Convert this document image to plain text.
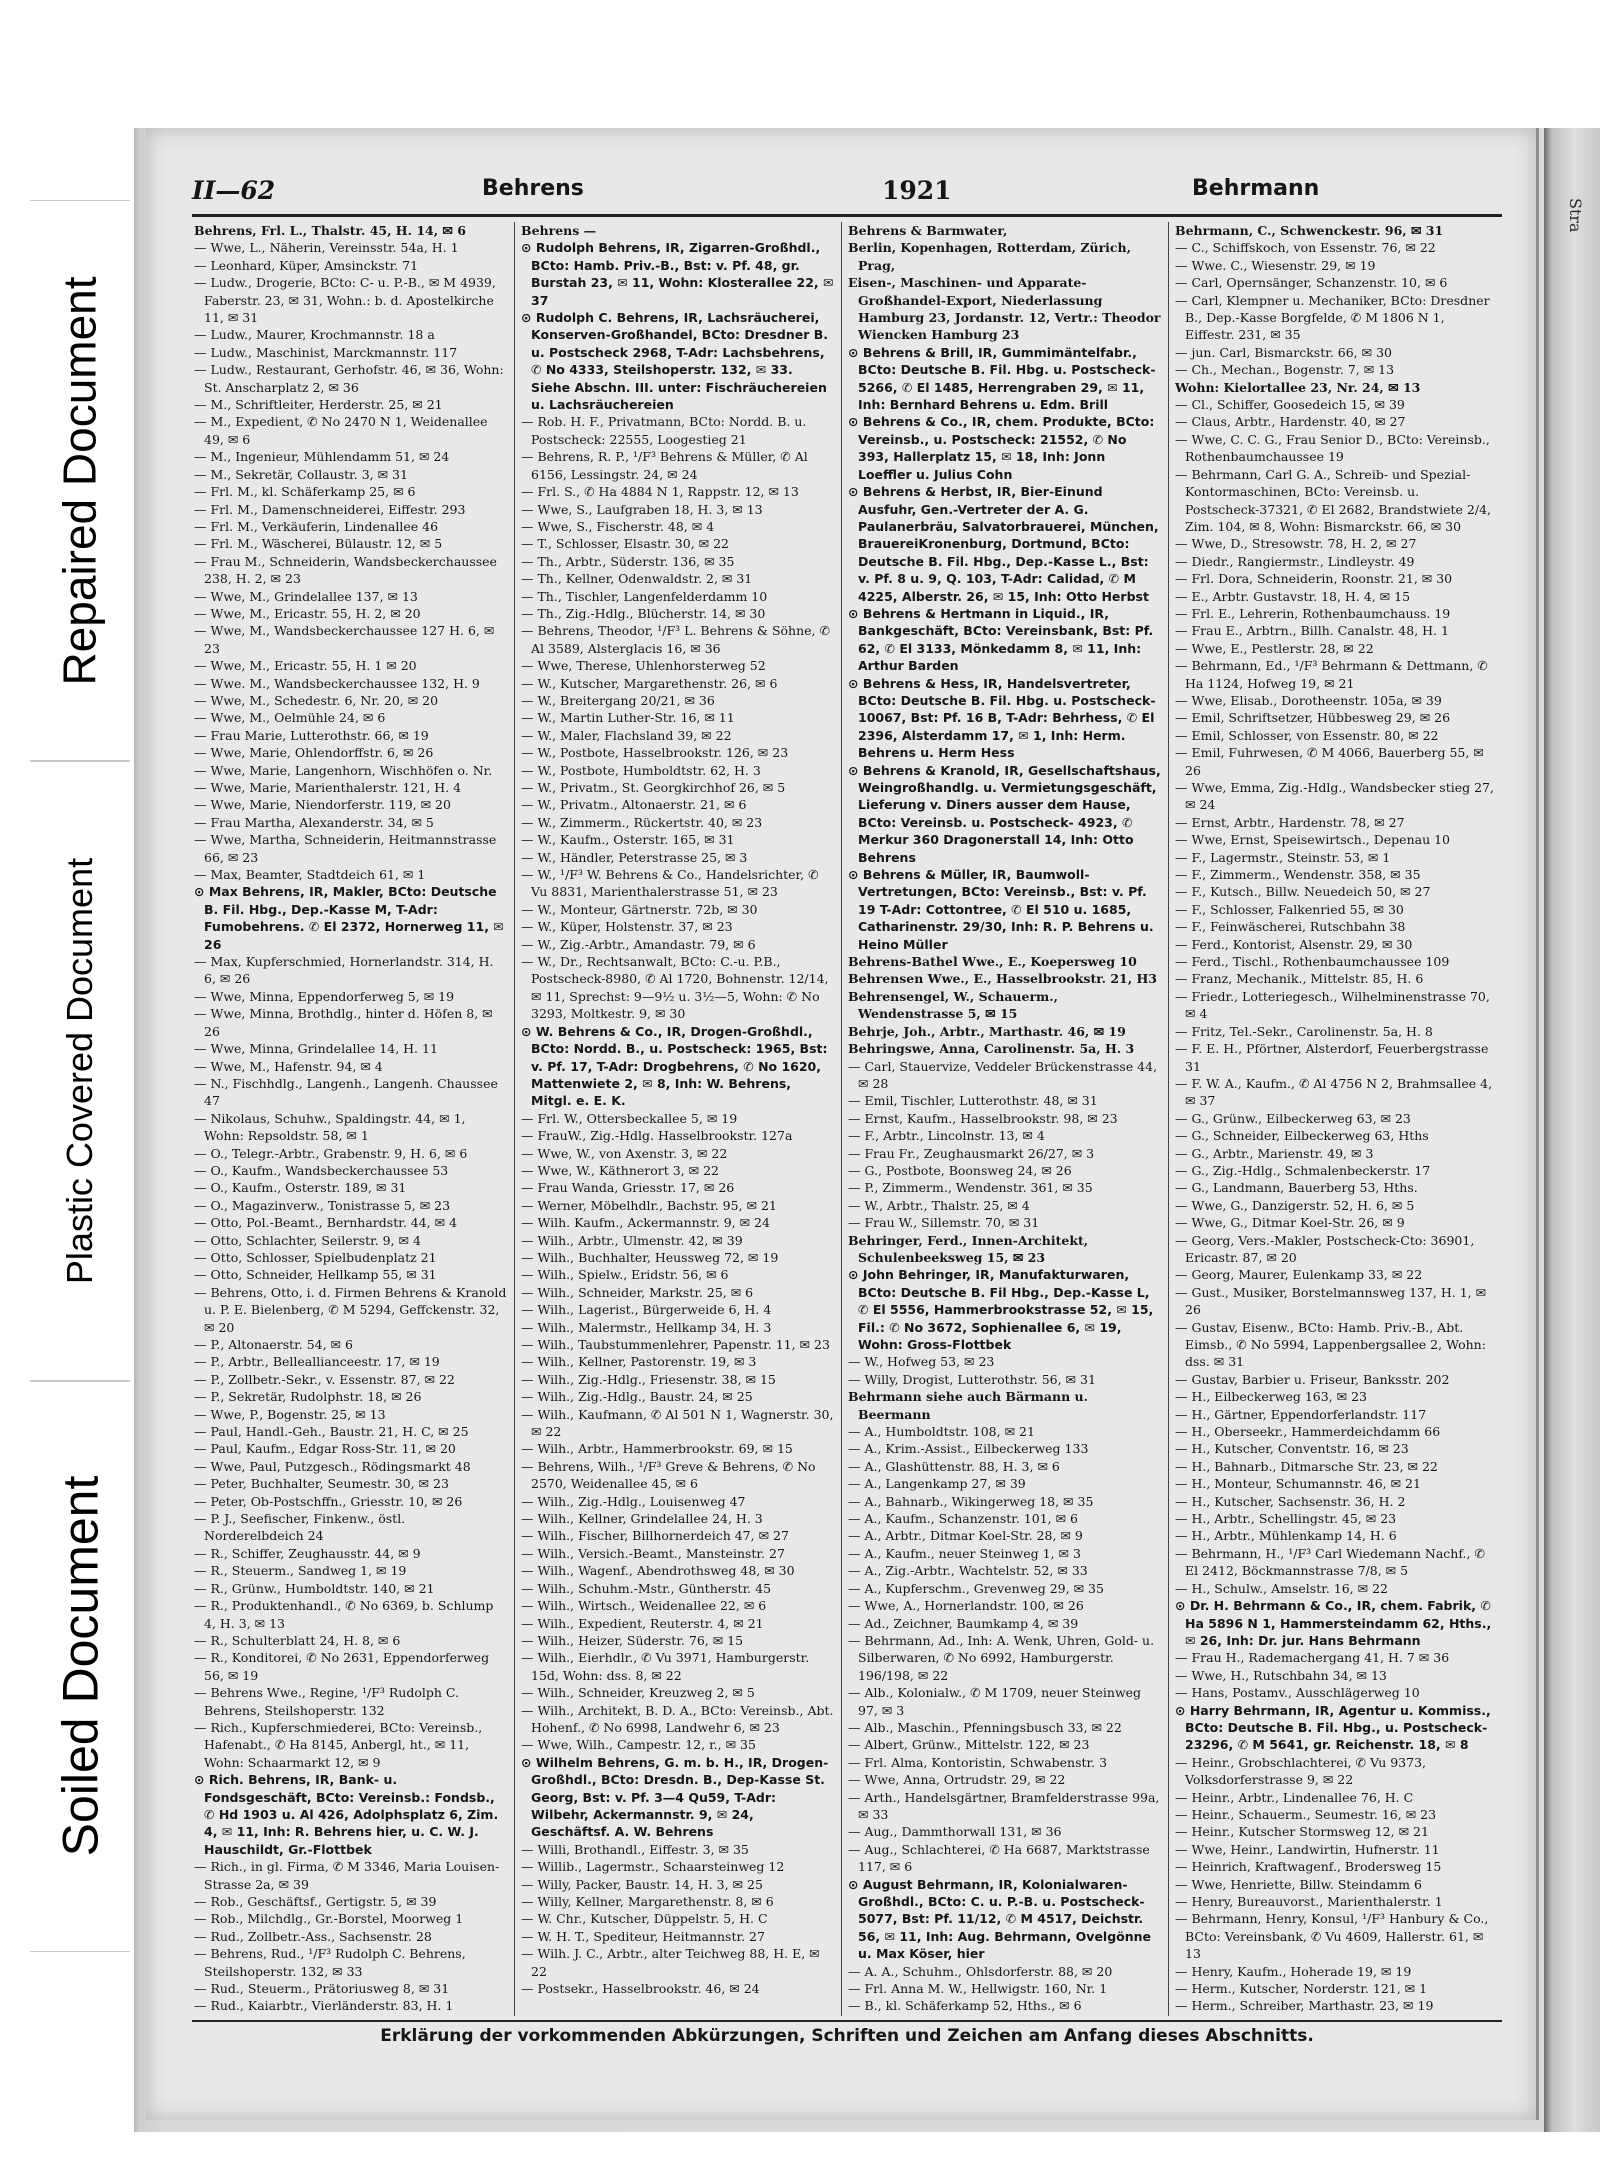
Repaired Document
Plastic Covered Document
Soiled Document
II—62	Behrens	1921	Behrmann

Behrens, Frl. L., Thalstr. 45, H. 14, ✉ 6

— Wwe, L., Näherin, Vereinsstr. 54a, H. 1

— Leonhard, Küper, Amsinckstr. 71

— Ludw., Drogerie, BCto: C- u. P.-B., ✉ M 4939, Faberstr. 23, ✉ 31, Wohn.: b. d. Apostelkirche 11, ✉ 31

— Ludw., Maurer, Krochmannstr. 18 a

— Ludw., Maschinist, Marckmannstr. 117

— Ludw., Restaurant, Gerhofstr. 46, ✉ 36, Wohn: St. Anscharplatz 2, ✉ 36

— M., Schriftleiter, Herderstr. 25, ✉ 21

— M., Expedient, ✆ No 2470 N 1, Weidenallee 49, ✉ 6

— M., Ingenieur, Mühlendamm 51, ✉ 24

— M., Sekretär, Collaustr. 3, ✉ 31

— Frl. M., kl. Schäferkamp 25, ✉ 6

— Frl. M., Damenschneiderei, Eiffestr. 293

— Frl. M., Verkäuferin, Lindenallee 46

— Frl. M., Wäscherei, Bülaustr. 12, ✉ 5

— Frau M., Schneiderin, Wandsbeckerchaussee 238, H. 2, ✉ 23

— Wwe, M., Grindelallee 137, ✉ 13

— Wwe, M., Ericastr. 55, H. 2, ✉ 20

— Wwe, M., Wandsbeckerchaussee 127 H. 6, ✉ 23

— Wwe, M., Ericastr. 55, H. 1 ✉ 20

— Wwe. M., Wandsbeckerchaussee 132, H. 9

— Wwe, M., Schedestr. 6, Nr. 20, ✉ 20

— Wwe, M., Oelmühle 24, ✉ 6

— Frau Marie, Lutterothstr. 66, ✉ 19

— Wwe, Marie, Ohlendorffstr. 6, ✉ 26

— Wwe, Marie, Langenhorn, Wischhöfen o. Nr.

— Wwe, Marie, Marienthalerstr. 121, H. 4

— Wwe, Marie, Niendorferstr. 119, ✉ 20

— Frau Martha, Alexanderstr. 34, ✉ 5

— Wwe, Martha, Schneiderin, Heitmannstrasse 66, ✉ 23

— Max, Beamter, Stadtdeich 61, ✉ 1

⊙ Max Behrens, IR, Makler, BCto: Deutsche B. Fil. Hbg., Dep.-Kasse M, T-Adr: Fumobehrens. ✆ El 2372, Hornerweg 11, ✉ 26

— Max, Kupferschmied, Hornerlandstr. 314, H. 6, ✉ 26

— Wwe, Minna, Eppendorferweg 5, ✉ 19

— Wwe, Minna, Brothdlg., hinter d. Höfen 8, ✉ 26

— Wwe, Minna, Grindelallee 14, H. 11

— Wwe, M., Hafenstr. 94, ✉ 4

— N., Fischhdlg., Langenh., Langenh. Chaussee 47

— Nikolaus, Schuhw., Spaldingstr. 44, ✉ 1, Wohn: Repsoldstr. 58, ✉ 1

— O., Telegr.-Arbtr., Grabenstr. 9, H. 6, ✉ 6

— O., Kaufm., Wandsbeckerchaussee 53

— O., Kaufm., Osterstr. 189, ✉ 31

— O., Magazinverw., Tonistrasse 5, ✉ 23

— Otto, Pol.-Beamt., Bernhardstr. 44, ✉ 4

— Otto, Schlachter, Seilerstr. 9, ✉ 4

— Otto, Schlosser, Spielbudenplatz 21

— Otto, Schneider, Hellkamp 55, ✉ 31

— Behrens, Otto, i. d. Firmen Behrens & Kranold u. P. E. Bielenberg, ✆ M 5294, Geffckenstr. 32, ✉ 20

— P., Altonaerstr. 54, ✉ 6

— P., Arbtr., Belleallianceestr. 17, ✉ 19

— P., Zollbetr.-Sekr., v. Essenstr. 87, ✉ 22

— P., Sekretär, Rudolphstr. 18, ✉ 26

— Wwe, P., Bogenstr. 25, ✉ 13

— Paul, Handl.-Geh., Baustr. 21, H. C, ✉ 25

— Paul, Kaufm., Edgar Ross-Str. 11, ✉ 20

— Wwe, Paul, Putzgesch., Rödingsmarkt 48

— Peter, Buchhalter, Seumestr. 30, ✉ 23

— Peter, Ob-Postschffn., Griesstr. 10, ✉ 26

— P. J., Seefischer, Finkenw., östl. Norderelbdeich 24

— R., Schiffer, Zeughausstr. 44, ✉ 9

— R., Steuerm., Sandweg 1, ✉ 19

— R., Grünw., Humboldtstr. 140, ✉ 21

— R., Produktenhandl., ✆ No 6369, b. Schlump 4, H. 3, ✉ 13

— R., Schulterblatt 24, H. 8, ✉ 6

— R., Konditorei, ✆ No 2631, Eppendorferweg 56, ✉ 19

— Behrens Wwe., Regine, ¹/F³ Rudolph C. Behrens, Steilshoperstr. 132

— Rich., Kupferschmiederei, BCto: Vereinsb., Hafenabt., ✆ Ha 8145, Anbergl, ht., ✉ 11, Wohn: Schaarmarkt 12, ✉ 9

⊙ Rich. Behrens, IR, Bank- u. Fondsgeschäft, BCto: Vereinsb.: Fondsb., ✆ Hd 1903 u. Al 426, Adolphsplatz 6, Zim. 4, ✉ 11, Inh: R. Behrens hier, u. C. W. J. Hauschildt, Gr.-Flottbek

— Rich., in gl. Firma, ✆ M 3346, Maria Louisen-Strasse 2a, ✉ 39

— Rob., Geschäftsf., Gertigstr. 5, ✉ 39

— Rob., Milchdlg., Gr.-Borstel, Moorweg 1

— Rud., Zollbetr.-Ass., Sachsenstr. 28

— Behrens, Rud., ¹/F³ Rudolph C. Behrens, Steilshoperstr. 132, ✉ 33

— Rud., Steuerm., Prätoriusweg 8, ✉ 31

— Rud., Kaiarbtr., Vierländerstr. 83, H. 1

Behrens —

⊙ Rudolph Behrens, IR, Zigarren-Großhdl., BCto: Hamb. Priv.-B., Bst: v. Pf. 48, gr. Burstah 23, ✉ 11, Wohn: Klosterallee 22, ✉ 37

⊙ Rudolph C. Behrens, IR, Lachsräucherei, Konserven-Großhandel, BCto: Dresdner B. u. Postscheck 2968, T-Adr: Lachsbehrens, ✆ No 4333, Steilshoperstr. 132, ✉ 33. Siehe Abschn. III. unter: Fischräuchereien u. Lachsräuchereien

— Rob. H. F., Privatmann, BCto: Nordd. B. u. Postscheck: 22555, Loogestieg 21

— Behrens, R. P., ¹/F³ Behrens & Müller, ✆ Al 6156, Lessingstr. 24, ✉ 24

— Frl. S., ✆ Ha 4884 N 1, Rappstr. 12, ✉ 13

— Wwe, S., Laufgraben 18, H. 3, ✉ 13

— Wwe, S., Fischerstr. 48, ✉ 4

— T., Schlosser, Elsastr. 30, ✉ 22

— Th., Arbtr., Süderstr. 136, ✉ 35

— Th., Kellner, Odenwaldstr. 2, ✉ 31

— Th., Tischler, Langenfelderdamm 10

— Th., Zig.-Hdlg., Blücherstr. 14, ✉ 30

— Behrens, Theodor, ¹/F³ L. Behrens & Söhne, ✆ Al 3589, Alsterglacis 16, ✉ 36

— Wwe, Therese, Uhlenhorsterweg 52

— W., Kutscher, Margarethenstr. 26, ✉ 6

— W., Breitergang 20/21, ✉ 36

— W., Martin Luther-Str. 16, ✉ 11

— W., Maler, Flachsland 39, ✉ 22

— W., Postbote, Hasselbrookstr. 126, ✉ 23

— W., Postbote, Humboldtstr. 62, H. 3

— W., Privatm., St. Georgkirchhof 26, ✉ 5

— W., Privatm., Altonaerstr. 21, ✉ 6

— W., Zimmerm., Rückertstr. 40, ✉ 23

— W., Kaufm., Osterstr. 165, ✉ 31

— W., Händler, Peterstrasse 25, ✉ 3

— W., ¹/F³ W. Behrens & Co., Handelsrichter, ✆ Vu 8831, Marienthalerstrasse 51, ✉ 23

— W., Monteur, Gärtnerstr. 72b, ✉ 30

— W., Küper, Holstenstr. 37, ✉ 23

— W., Zig.-Arbtr., Amandastr. 79, ✉ 6

— W., Dr., Rechtsanwalt, BCto: C.-u. P.B., Postscheck-8980, ✆ Al 1720, Bohnenstr. 12/14, ✉ 11, Sprechst: 9—9½ u. 3½—5, Wohn: ✆ No 3293, Moltkestr. 9, ✉ 30

⊙ W. Behrens & Co., IR, Drogen-Großhdl., BCto: Nordd. B., u. Postscheck: 1965, Bst: v. Pf. 17, T-Adr: Drogbehrens, ✆ No 1620, Mattenwiete 2, ✉ 8, Inh: W. Behrens, Mitgl. e. E. K.

— Frl. W., Ottersbeckallee 5, ✉ 19

— FrauW., Zig.-Hdlg. Hasselbrookstr. 127a

— Wwe, W., von Axenstr. 3, ✉ 22

— Wwe, W., Käthnerort 3, ✉ 22

— Frau Wanda, Griesstr. 17, ✉ 26

— Werner, Möbelhdlr., Bachstr. 95, ✉ 21

— Wilh. Kaufm., Ackermannstr. 9, ✉ 24

— Wilh., Arbtr., Ulmenstr. 42, ✉ 39

— Wilh., Buchhalter, Heussweg 72, ✉ 19

— Wilh., Spielw., Eridstr. 56, ✉ 6

— Wilh., Schneider, Markstr. 25, ✉ 6

— Wilh., Lagerist., Bürgerweide 6, H. 4

— Wilh., Malermstr., Hellkamp 34, H. 3

— Wilh., Taubstummenlehrer, Papenstr. 11, ✉ 23

— Wilh., Kellner, Pastorenstr. 19, ✉ 3

— Wilh., Zig.-Hdlg., Friesenstr. 38, ✉ 15

— Wilh., Zig.-Hdlg., Baustr. 24, ✉ 25

— Wilh., Kaufmann, ✆ Al 501 N 1, Wagnerstr. 30, ✉ 22

— Wilh., Arbtr., Hammerbrookstr. 69, ✉ 15

— Behrens, Wilh., ¹/F³ Greve & Behrens, ✆ No 2570, Weidenallee 45, ✉ 6

— Wilh., Zig.-Hdlg., Louisenweg 47

— Wilh., Kellner, Grindelallee 24, H. 3

— Wilh., Fischer, Billhornerdeich 47, ✉ 27

— Wilh., Versich.-Beamt., Mansteinstr. 27

— Wilh., Wagenf., Abendrothsweg 48, ✉ 30

— Wilh., Schuhm.-Mstr., Güntherstr. 45

— Wilh., Wirtsch., Weidenallee 22, ✉ 6

— Wilh., Expedient, Reuterstr. 4, ✉ 21

— Wilh., Heizer, Süderstr. 76, ✉ 15

— Wilh., Eierhdlr., ✆ Vu 3971, Hamburgerstr. 15d, Wohn: dss. 8, ✉ 22

— Wilh., Schneider, Kreuzweg 2, ✉ 5

— Wilh., Architekt, B. D. A., BCto: Vereinsb., Abt. Hohenf., ✆ No 6998, Landwehr 6, ✉ 23

— Wwe, Wilh., Campestr. 12, r., ✉ 35

⊙ Wilhelm Behrens, G. m. b. H., IR, Drogen-Großhdl., BCto: Dresdn. B., Dep-Kasse St. Georg, Bst: v. Pf. 3—4 Qu59, T-Adr: Wilbehr, Ackermannstr. 9, ✉ 24, Geschäftsf. A. W. Behrens

— Willi, Brothandl., Eiffestr. 3, ✉ 35

— Willib., Lagermstr., Schaarsteinweg 12

— Willy, Packer, Baustr. 14, H. 3, ✉ 25

— Willy, Kellner, Margarethenstr. 8, ✉ 6

— W. Chr., Kutscher, Düppelstr. 5, H. C

— W. H. T., Spediteur, Heitmannstr. 27

— Wilh. J. C., Arbtr., alter Teichweg 88, H. E, ✉ 22

— Postsekr., Hasselbrookstr. 46, ✉ 24

Behrens & Barmwater,

Berlin, Kopenhagen, Rotterdam, Zürich, Prag,

Eisen-, Maschinen- und Apparate-Großhandel-Export, Niederlassung Hamburg 23, Jordanstr. 12, Vertr.: Theodor Wiencken Hamburg 23

⊙ Behrens & Brill, IR, Gummimäntelfabr., BCto: Deutsche B. Fil. Hbg. u. Postscheck-5266, ✆ El 1485, Herrengraben 29, ✉ 11, Inh: Bernhard Behrens u. Edm. Brill

⊙ Behrens & Co., IR, chem. Produkte, BCto: Vereinsb., u. Postscheck: 21552, ✆ No 393, Hallerplatz 15, ✉ 18, Inh: Jonn Loeffler u. Julius Cohn

⊙ Behrens & Herbst, IR, Bier-Einund Ausfuhr, Gen.-Vertreter der A. G. Paulanerbräu, Salvatorbrauerei, München, BrauereiKronenburg, Dortmund, BCto: Deutsche B. Fil. Hbg., Dep.-Kasse L., Bst: v. Pf. 8 u. 9, Q. 103, T-Adr: Calidad, ✆ M 4225, Alberstr. 26, ✉ 15, Inh: Otto Herbst

⊙ Behrens & Hertmann in Liquid., IR, Bankgeschäft, BCto: Vereinsbank, Bst: Pf. 62, ✆ El 3133, Mönkedamm 8, ✉ 11, Inh: Arthur Barden

⊙ Behrens & Hess, IR, Handelsvertreter, BCto: Deutsche B. Fil. Hbg. u. Postscheck-10067, Bst: Pf. 16 B, T-Adr: Behrhess, ✆ El 2396, Alsterdamm 17, ✉ 1, Inh: Herm. Behrens u. Herm Hess

⊙ Behrens & Kranold, IR, Gesellschaftshaus, Weingroßhandlg. u. Vermietungsgeschäft, Lieferung v. Diners ausser dem Hause, BCto: Vereinsb. u. Postscheck- 4923, ✆ Merkur 360 Dragonerstall 14, Inh: Otto Behrens

⊙ Behrens & Müller, IR, Baumwoll-Vertretungen, BCto: Vereinsb., Bst: v. Pf. 19 T-Adr: Cottontree, ✆ El 510 u. 1685, Catharinenstr. 29/30, Inh: R. P. Behrens u. Heino Müller

Behrens-Bathel Wwe., E., Koepersweg 10

Behrensen Wwe., E., Hasselbrookstr. 21, H3

Behrensengel, W., Schauerm., Wendenstrasse 5, ✉ 15

Behrje, Joh., Arbtr., Marthastr. 46, ✉ 19

Behringswe, Anna, Carolinenstr. 5a, H. 3

— Carl, Stauervize, Veddeler Brückenstrasse 44, ✉ 28

— Emil, Tischler, Lutterothstr. 48, ✉ 31

— Ernst, Kaufm., Hasselbrookstr. 98, ✉ 23

— F., Arbtr., Lincolnstr. 13, ✉ 4

— Frau Fr., Zeughausmarkt 26/27, ✉ 3

— G., Postbote, Boonsweg 24, ✉ 26

— P., Zimmerm., Wendenstr. 361, ✉ 35

— W., Arbtr., Thalstr. 25, ✉ 4

— Frau W., Sillemstr. 70, ✉ 31

Behringer, Ferd., Innen-Architekt, Schulenbeeksweg 15, ✉ 23

⊙ John Behringer, IR, Manufakturwaren, BCto: Deutsche B. Fil Hbg., Dep.-Kasse L, ✆ El 5556, Hammerbrookstrasse 52, ✉ 15, Fil.: ✆ No 3672, Sophienallee 6, ✉ 19, Wohn: Gross-Flottbek

— W., Hofweg 53, ✉ 23

— Willy, Drogist, Lutterothstr. 56, ✉ 31

Behrmann siehe auch Bärmann u. Beermann

— A., Humboldtstr. 108, ✉ 21

— A., Krim.-Assist., Eilbeckerweg 133

— A., Glashüttenstr. 88, H. 3, ✉ 6

— A., Langenkamp 27, ✉ 39

— A., Bahnarb., Wikingerweg 18, ✉ 35

— A., Kaufm., Schanzenstr. 101, ✉ 6

— A., Arbtr., Ditmar Koel-Str. 28, ✉ 9

— A., Kaufm., neuer Steinweg 1, ✉ 3

— A., Zig.-Arbtr., Wachtelstr. 52, ✉ 33

— A., Kupferschm., Grevenweg 29, ✉ 35

— Wwe, A., Hornerlandstr. 100, ✉ 26

— Ad., Zeichner, Baumkamp 4, ✉ 39

— Behrmann, Ad., Inh: A. Wenk, Uhren, Gold- u. Silberwaren, ✆ No 6992, Hamburgerstr. 196/198, ✉ 22

— Alb., Kolonialw., ✆ M 1709, neuer Steinweg 97, ✉ 3

— Alb., Maschin., Pfenningsbusch 33, ✉ 22

— Albert, Grünw., Mittelstr. 122, ✉ 23

— Frl. Alma, Kontoristin, Schwabenstr. 3

— Wwe, Anna, Ortrudstr. 29, ✉ 22

— Arth., Handelsgärtner, Bramfelderstrasse 99a, ✉ 33

— Aug., Dammthorwall 131, ✉ 36

— Aug., Schlachterei, ✆ Ha 6687, Marktstrasse 117, ✉ 6

⊙ August Behrmann, IR, Kolonialwaren-Großhdl., BCto: C. u. P.-B. u. Postscheck-5077, Bst: Pf. 11/12, ✆ M 4517, Deichstr. 56, ✉ 11, Inh: Aug. Behrmann, Ovelgönne u. Max Köser, hier

— A. A., Schuhm., Ohlsdorferstr. 88, ✉ 20

— Frl. Anna M. W., Hellwigstr. 160, Nr. 1

— B., kl. Schäferkamp 52, Hths., ✉ 6

Behrmann, C., Schwenckestr. 96, ✉ 31

— C., Schiffskoch, von Essenstr. 76, ✉ 22

— Wwe. C., Wiesenstr. 29, ✉ 19

— Carl, Opernsänger, Schanzenstr. 10, ✉ 6

— Carl, Klempner u. Mechaniker, BCto: Dresdner B., Dep.-Kasse Borgfelde, ✆ M 1806 N 1, Eiffestr. 231, ✉ 35

— jun. Carl, Bismarckstr. 66, ✉ 30

— Ch., Mechan., Bogenstr. 7, ✉ 13

Wohn: Kielortallee 23, Nr. 24, ✉ 13

— Cl., Schiffer, Goosedeich 15, ✉ 39

— Claus, Arbtr., Hardenstr. 40, ✉ 27

— Wwe, C. C. G., Frau Senior D., BCto: Vereinsb., Rothenbaumchaussee 19

— Behrmann, Carl G. A., Schreib- und Spezial-Kontormaschinen, BCto: Vereinsb. u. Postscheck-37321, ✆ El 2682, Brandstwiete 2/4, Zim. 104, ✉ 8, Wohn: Bismarckstr. 66, ✉ 30

— Wwe, D., Stresowstr. 78, H. 2, ✉ 27

— Diedr., Rangiermstr., Lindleystr. 49

— Frl. Dora, Schneiderin, Roonstr. 21, ✉ 30

— E., Arbtr. Gustavstr. 18, H. 4, ✉ 15

— Frl. E., Lehrerin, Rothenbaumchauss. 19

— Frau E., Arbtrn., Billh. Canalstr. 48, H. 1

— Wwe, E., Pestlerstr. 28, ✉ 22

— Behrmann, Ed., ¹/F³ Behrmann & Dettmann, ✆ Ha 1124, Hofweg 19, ✉ 21

— Wwe, Elisab., Dorotheenstr. 105a, ✉ 39

— Emil, Schriftsetzer, Hübbesweg 29, ✉ 26

— Emil, Schlosser, von Essenstr. 80, ✉ 22

— Emil, Fuhrwesen, ✆ M 4066, Bauerberg 55, ✉ 26

— Wwe, Emma, Zig.-Hdlg., Wandsbecker stieg 27, ✉ 24

— Ernst, Arbtr., Hardenstr. 78, ✉ 27

— Wwe, Ernst, Speisewirtsch., Depenau 10

— F., Lagermstr., Steinstr. 53, ✉ 1

— F., Zimmerm., Wendenstr. 358, ✉ 35

— F., Kutsch., Billw. Neuedeich 50, ✉ 27

— F., Schlosser, Falkenried 55, ✉ 30

— F., Feinwäscherei, Rutschbahn 38

— Ferd., Kontorist, Alsenstr. 29, ✉ 30

— Ferd., Tischl., Rothenbaumchaussee 109

— Franz, Mechanik., Mittelstr. 85, H. 6

— Friedr., Lotteriegesch., Wilhelminenstrasse 70, ✉ 4

— Fritz, Tel.-Sekr., Carolinenstr. 5a, H. 8

— F. E. H., Pförtner, Alsterdorf, Feuerbergstrasse 31

— F. W. A., Kaufm., ✆ Al 4756 N 2, Brahmsallee 4, ✉ 37

— G., Grünw., Eilbeckerweg 63, ✉ 23

— G., Schneider, Eilbeckerweg 63, Hths

— G., Arbtr., Marienstr. 49, ✉ 3

— G., Zig.-Hdlg., Schmalenbeckerstr. 17

— G., Landmann, Bauerberg 53, Hths.

— Wwe, G., Danzigerstr. 52, H. 6, ✉ 5

— Wwe, G., Ditmar Koel-Str. 26, ✉ 9

— Georg, Vers.-Makler, Postscheck-Cto: 36901, Ericastr. 87, ✉ 20

— Georg, Maurer, Eulenkamp 33, ✉ 22

— Gust., Musiker, Borstelmannsweg 137, H. 1, ✉ 26

— Gustav, Eisenw., BCto: Hamb. Priv.-B., Abt. Eimsb., ✆ No 5994, Lappenbergsallee 2, Wohn: dss. ✉ 31

— Gustav, Barbier u. Friseur, Banksstr. 202

— H., Eilbeckerweg 163, ✉ 23

— H., Gärtner, Eppendorferlandstr. 117

— H., Oberseekr., Hammerdeichdamm 66

— H., Kutscher, Conventstr. 16, ✉ 23

— H., Bahnarb., Ditmarsche Str. 23, ✉ 22

— H., Monteur, Schumannstr. 46, ✉ 21

— H., Kutscher, Sachsenstr. 36, H. 2

— H., Arbtr., Schellingstr. 45, ✉ 23

— H., Arbtr., Mühlenkamp 14, H. 6

— Behrmann, H., ¹/F³ Carl Wiedemann Nachf., ✆ El 2412, Böckmannstrasse 7/8, ✉ 5

— H., Schulw., Amselstr. 16, ✉ 22

⊙ Dr. H. Behrmann & Co., IR, chem. Fabrik, ✆ Ha 5896 N 1, Hammersteindamm 62, Hths., ✉ 26, Inh: Dr. jur. Hans Behrmann

— Frau H., Rademachergang 41, H. 7 ✉ 36

— Wwe, H., Rutschbahn 34, ✉ 13

— Hans, Postamv., Ausschlägerweg 10

⊙ Harry Behrmann, IR, Agentur u. Kommiss., BCto: Deutsche B. Fil. Hbg., u. Postscheck- 23296, ✆ M 5641, gr. Reichenstr. 18, ✉ 8

— Heinr., Grobschlachterei, ✆ Vu 9373, Volksdorferstrasse 9, ✉ 22

— Heinr., Arbtr., Lindenallee 76, H. C

— Heinr., Schauerm., Seumestr. 16, ✉ 23

— Heinr., Kutscher Stormsweg 12, ✉ 21

— Wwe, Heinr., Landwirtin, Hufnerstr. 11

— Heinrich, Kraftwagenf., Brodersweg 15

— Wwe, Henriette, Billw. Steindamm 6

— Henry, Bureauvorst., Marienthalerstr. 1

— Behrmann, Henry, Konsul, ¹/F³ Hanbury & Co., BCto: Vereinsbank, ✆ Vu 4609, Hallerstr. 61, ✉ 13

— Henry, Kaufm., Hoherade 19, ✉ 19

— Herm., Kutscher, Norderstr. 121, ✉ 1

— Herm., Schreiber, Marthastr. 23, ✉ 19

Erklärung der vorkommenden Abkürzungen, Schriften und Zeichen am Anfang dieses Abschnitts.
Stra
